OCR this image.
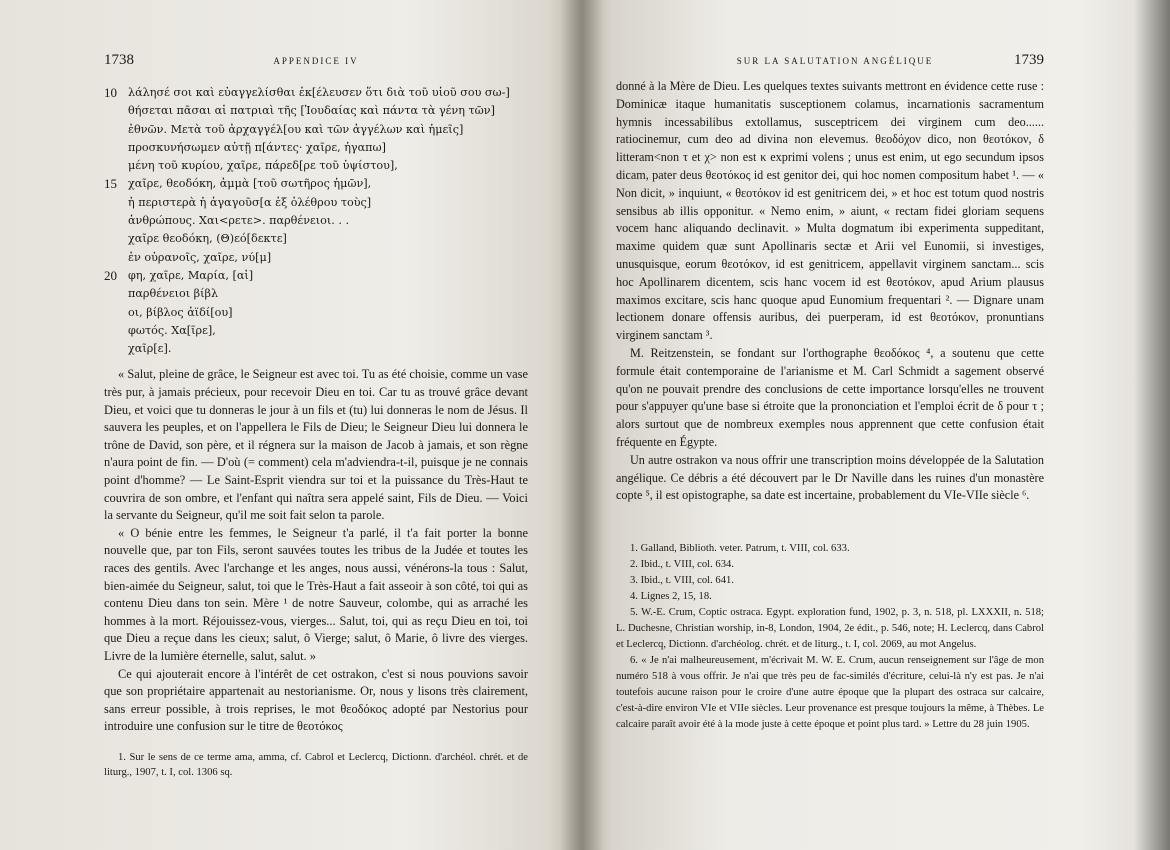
1738	APPENDICE IV
10 λάλησέ σοι καὶ εὐαγγελίσθαι ἐκ[έλευσεν ὅτι διὰ τοῦ υἱοῦ σου σω-]
θήσεται πᾶσαι αἱ πατριαὶ τῆς [Ἰουδαίας καὶ πάντα τὰ γένη τῶν]
ἐθνῶν. Μετὰ τοῦ ἀρχαγγέλ[ου καὶ τῶν ἀγγέλων καὶ ἡμεῖς]
προσκυνήσωμεν αὐτῇ π[άντες· χαῖρε, ἠγαπω]
μένη τοῦ κυρίου, χαῖρε, πάρεδ[ρε τοῦ ὑψίστου],
15 χαῖρε, θεοδόκη, ἀμμὰ [τοῦ σωτῆρος ἡμῶν],
ἡ περιστερὰ ἡ ἀγαγοῦσ[α ἐξ ὀλέθρου τοὺς]
ἀνθρώπους. Χαι<ρετε>. παρθένειοι. . .
χαῖρε θεοδόκη, (Θ)εό[δεκτε]
ἐν οὐρανοῖς, χαῖρε, νύ[μ]
20 φη, χαῖρε, Μαρία, [αἱ]
παρθένειοι βίβλ
οι, βίβλος ἀϊδί[ου]
φωτός. Χα[ῖρε],
χαῖρ[ε].

« Salut, pleine de grâce, le Seigneur est avec toi. Tu as été choisie, comme un vase très pur, à jamais précieux, pour recevoir Dieu en toi. Car tu as trouvé grâce devant Dieu, et voici que tu donneras le jour à un fils et (tu) lui donneras le nom de Jésus. Il sauvera les peuples, et on l'appellera le Fils de Dieu; le Seigneur Dieu lui donnera le trône de David, son père, et il régnera sur la maison de Jacob à jamais, et son règne n'aura point de fin. — D'où (= comment) cela m'adviendra-t-il, puisque je ne connais point d'homme? — Le Saint-Esprit viendra sur toi et la puissance du Très-Haut te couvrira de son ombre, et l'enfant qui naîtra sera appelé saint, Fils de Dieu. — Voici la servante du Seigneur, qu'il me soit fait selon ta parole.

« O bénie entre les femmes, le Seigneur t'a parlé, il t'a fait porter la bonne nouvelle que, par ton Fils, seront sauvées toutes les tribus de la Judée et toutes les races des gentils. Avec l'archange et les anges, nous aussi, vénérons-la tous : Salut, bien-aimée du Seigneur, salut, toi que le Très-Haut a fait asseoir à son côté, toi qui as contenu Dieu dans ton sein. Mère ¹ de notre Sauveur, colombe, qui as arraché les hommes à la mort. Réjouissez-vous, vierges... Salut, toi, qui as reçu Dieu en toi, toi que Dieu a reçue dans les cieux; salut, ô Vierge; salut, ô Marie, ô livre des vierges. Livre de la lumière éternelle, salut, salut. »

Ce qui ajouterait encore à l'intérêt de cet ostrakon, c'est si nous pouvions savoir que son propriétaire appartenait au nestorianisme. Or, nous y lisons très clairement, sans erreur possible, à trois reprises, le mot θεοδόκος adopté par Nestorius pour introduire une confusion sur le titre de θεοτόκος

1. Sur le sens de ce terme ama, amma, cf. Cabrol et Leclercq, Dictionn. d'archéol. chrét. et de liturg., 1907, t. I, col. 1306 sq.

SUR LA SALUTATION ANGÉLIQUE	1739

donné à la Mère de Dieu. Les quelques textes suivants mettront en évidence cette ruse : Dominicæ itaque humanitatis susceptionem colamus, incarnationis sacramentum hymnis incessabilibus extollamus, susceptricem dei virginem cum deo...... ratiocinemur, cum deo ad divina non elevemus. θεοδόχον dico, non θεοτόκον, δ litteram<non τ et χ> non est κ exprimi volens ; unus est enim, ut ego secundum ipsos dicam, pater deus θεοτόκος id est genitor dei, qui hoc nomen compositum habet ¹. — « Non dicit, » inquiunt, « θεοτόκον id est genitricem dei, » et hoc est totum quod nostris sensibus ab illis opponitur. « Nemo enim, » aiunt, « rectam fidei gloriam sequens vocem hanc aliquando declinavit. » Multa dogmatum ibi experimenta suppeditant, maxime quidem quæ sunt Apollinaris sectæ et Arii vel Eunomii, si investiges, unusquisque, eorum θεοτόκον, id est genitricem, appellavit virginem sanctam... scis hoc Apollinarem dicentem, scis hanc vocem id est θεοτόκον, apud Arium plausus maximos excitare, scis hanc quoque apud Eunomium frequentari ². — Dignare unam lectionem donare offensis auribus, dei puerperam, id est θεοτόκον, pronuntians virginem sanctam ³.

M. Reitzenstein, se fondant sur l'orthographe θεοδόκος ⁴, a soutenu que cette formule était contemporaine de l'arianisme et M. Carl Schmidt a sagement observé qu'on ne pouvait prendre des conclusions de cette importance lorsqu'elles ne trouvent pour s'appuyer qu'une base si étroite que la prononciation et l'emploi écrit de δ pour τ ; alors surtout que de nombreux exemples nous apprennent que cette confusion était fréquente en Égypte.

Un autre ostrakon va nous offrir une transcription moins développée de la Salutation angélique. Ce débris a été découvert par le Dr Naville dans les ruines d'un monastère copte ⁵, il est opistographe, sa date est incertaine, probablement du VIe-VIIe siècle ⁶.

1. Galland, Biblioth. veter. Patrum, t. VIII, col. 633.

2. Ibid., t. VIII, col. 634.

3. Ibid., t. VIII, col. 641.

4. Lignes 2, 15, 18.

5. W.-E. Crum, Coptic ostraca. Egypt. exploration fund, 1902, p. 3, n. 518, pl. LXXXII, n. 518; L. Duchesne, Christian worship, in-8, London, 1904, 2e édit., p. 546, note; H. Leclercq, dans Cabrol et Leclercq, Dictionn. d'archéolog. chrét. et de liturg., t. I, col. 2069, au mot Angelus.

6. « Je n'ai malheureusement, m'écrivait M. W. E. Crum, aucun renseignement sur l'âge de mon numéro 518 à vous offrir. Je n'ai que très peu de fac-similés d'écriture, celui-là n'y est pas. Je n'ai toutefois aucune raison pour le croire d'une autre époque que la plupart des ostraca sur calcaire, c'est-à-dire environ VIe et VIIe siècles. Leur provenance est presque toujours la même, à Thèbes. Le calcaire paraît avoir été à la mode juste à cette époque et point plus tard. » Lettre du 28 juin 1905.
